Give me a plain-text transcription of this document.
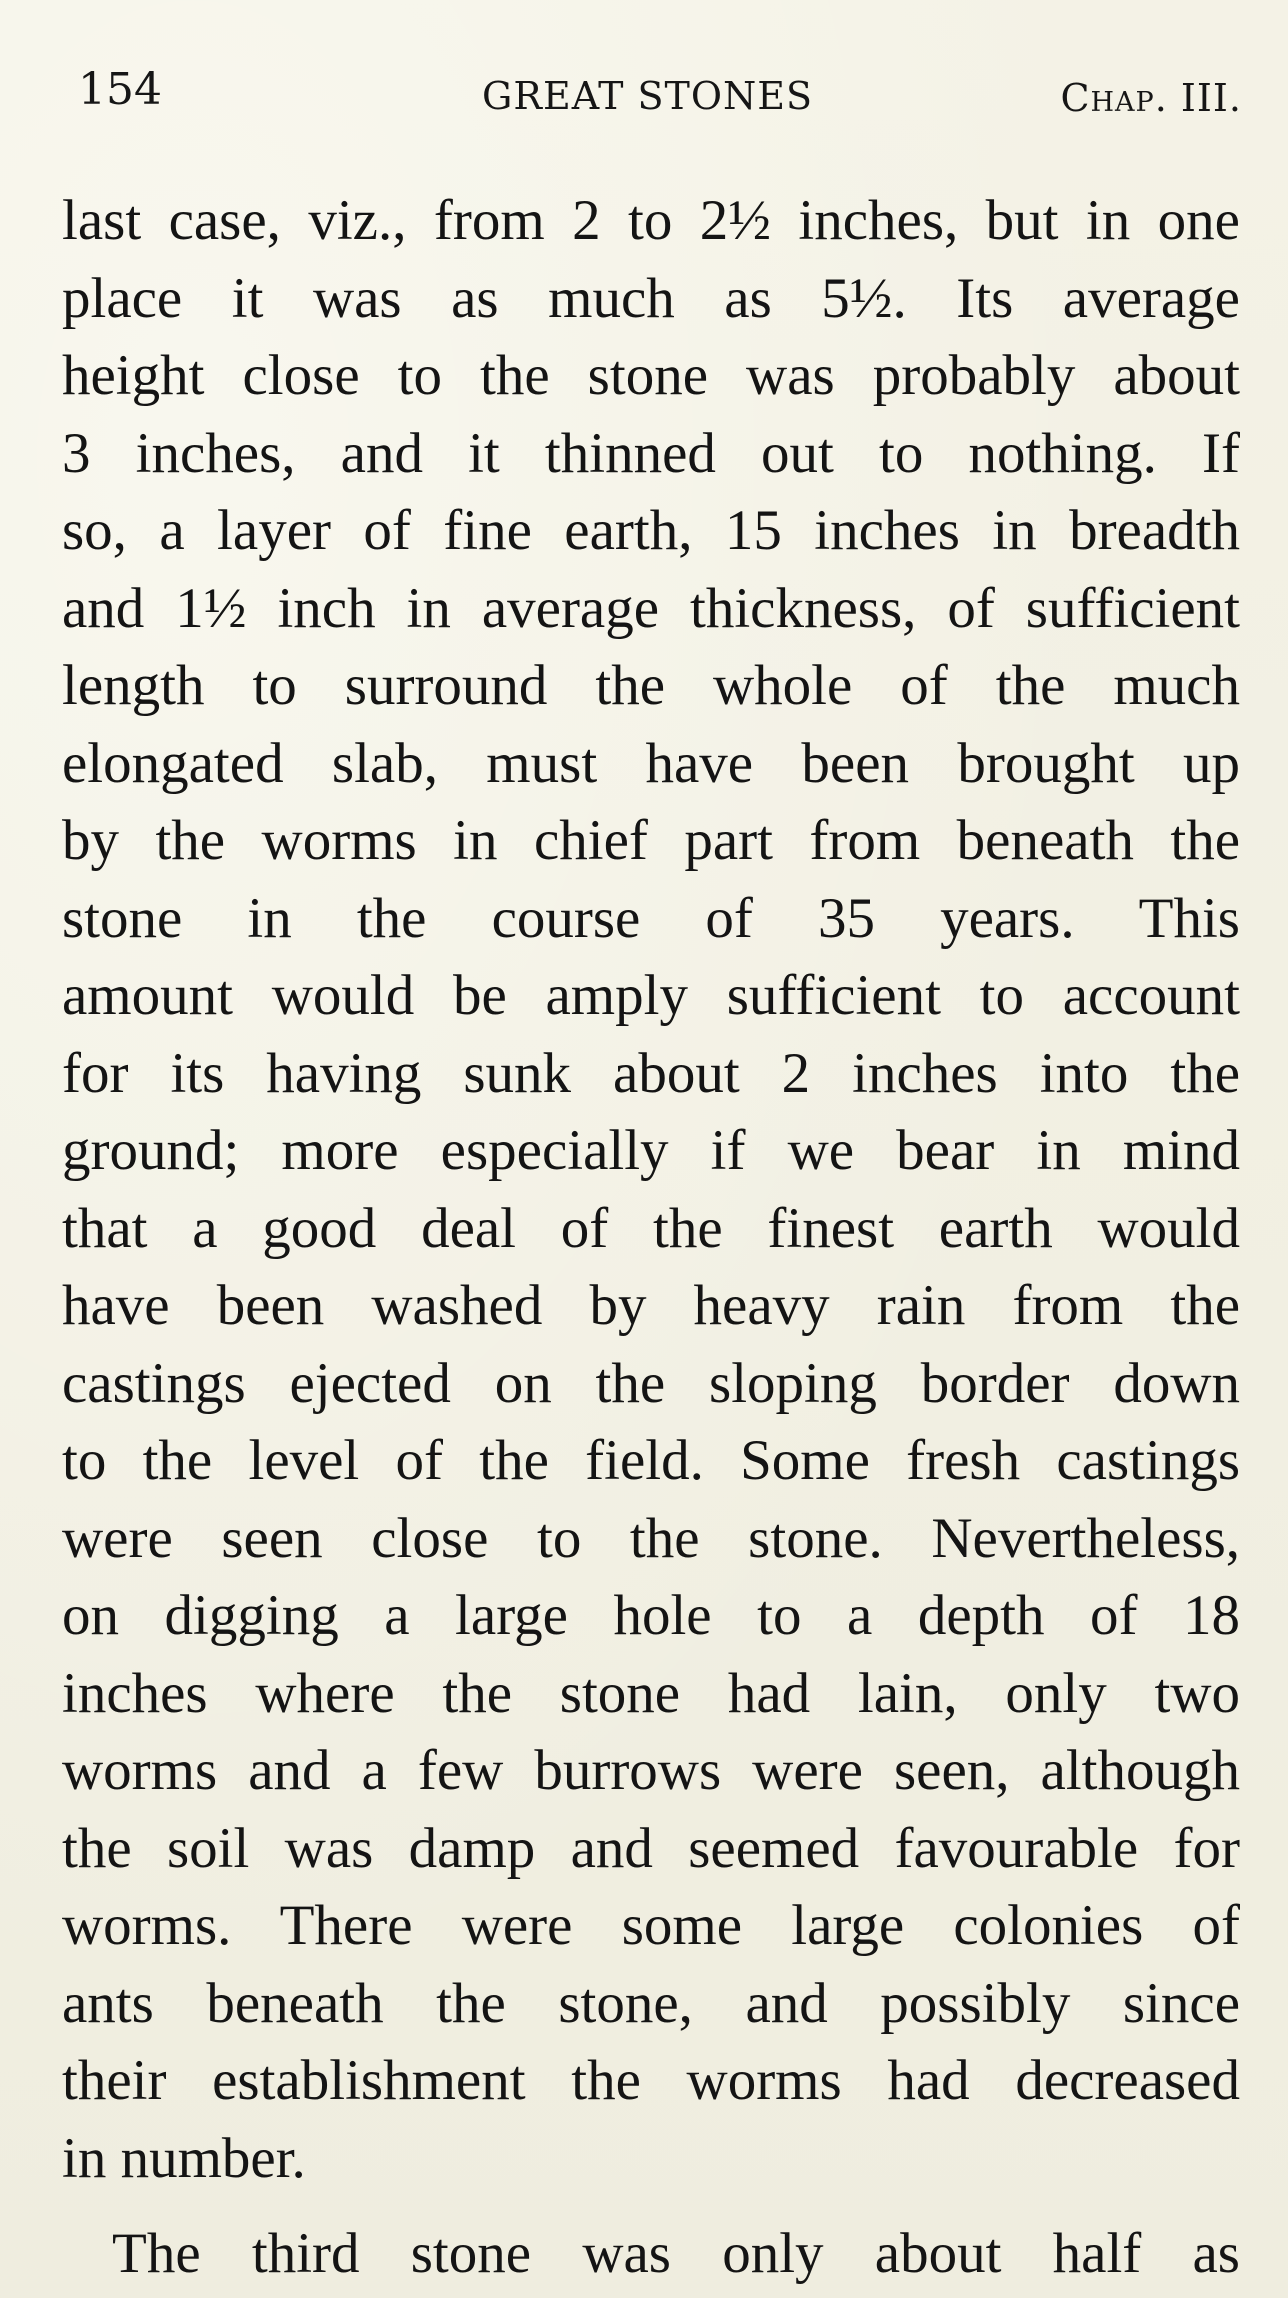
154	GREAT STONES	Chap. III.
last case, viz., from 2 to 2½ inches, but in one
place it was as much as 5½. Its average
height close to the stone was probably about
3 inches, and it thinned out to nothing. If
so, a layer of fine earth, 15 inches in breadth
and 1½ inch in average thickness, of sufficient
length to surround the whole of the much
elongated slab, must have been brought up
by the worms in chief part from beneath the
stone in the course of 35 years. This
amount would be amply sufficient to account
for its having sunk about 2 inches into the
ground; more especially if we bear in mind
that a good deal of the finest earth would
have been washed by heavy rain from the
castings ejected on the sloping border down
to the level of the field. Some fresh castings
were seen close to the stone. Nevertheless,
on digging a large hole to a depth of 18
inches where the stone had lain, only two
worms and a few burrows were seen, although
the soil was damp and seemed favourable for
worms. There were some large colonies of
ants beneath the stone, and possibly since
their establishment the worms had decreased
in number.
The third stone was only about half as
